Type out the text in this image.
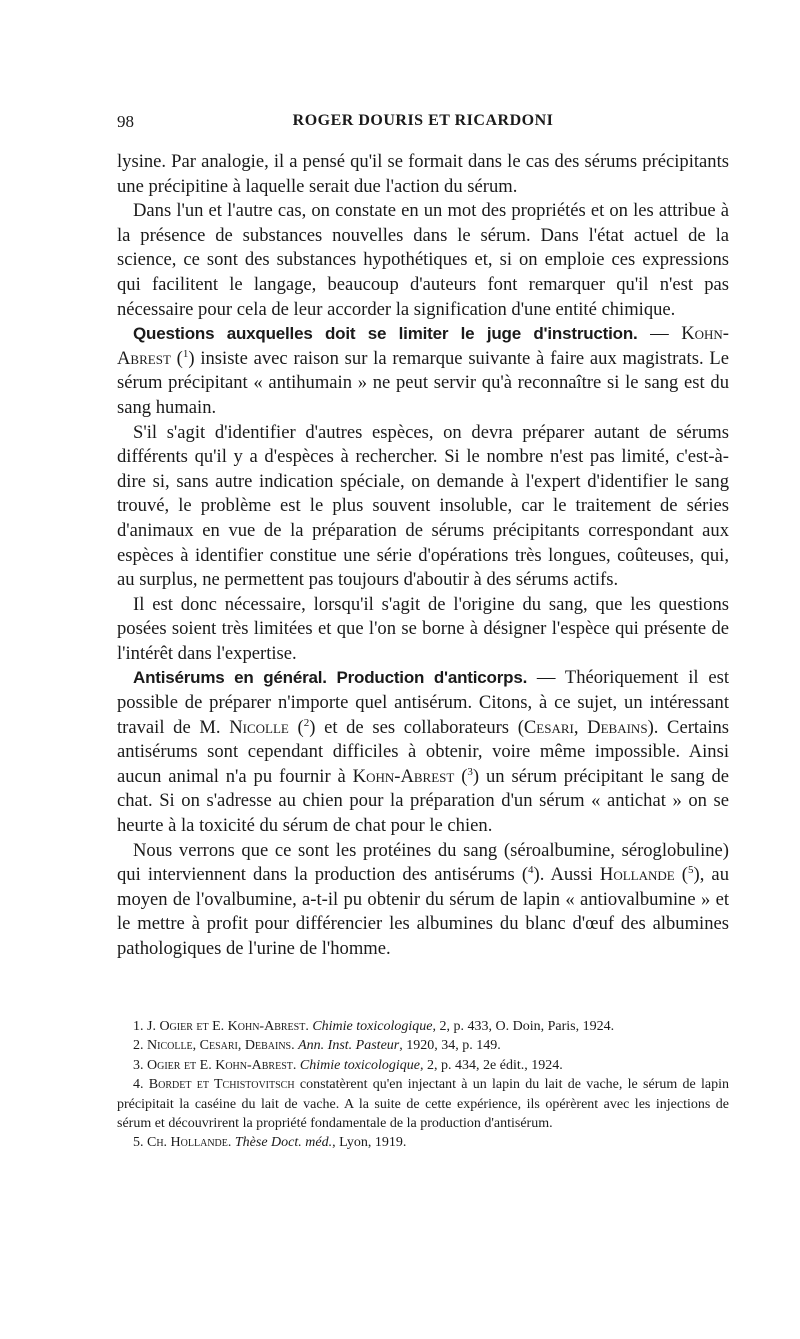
98	ROGER DOURIS ET RICARDONI

lysine. Par analogie, il a pensé qu'il se formait dans le cas des sérums précipitants une précipitine à laquelle serait due l'action du sérum.

Dans l'un et l'autre cas, on constate en un mot des propriétés et on les attribue à la présence de substances nouvelles dans le sérum. Dans l'état actuel de la science, ce sont des substances hypothétiques et, si on emploie ces expressions qui facilitent le langage, beaucoup d'auteurs font remarquer qu'il n'est pas nécessaire pour cela de leur accorder la signification d'une entité chimique.

Questions auxquelles doit se limiter le juge d'instruction. — Kohn-Abrest ($^1$) insiste avec raison sur la remarque suivante à faire aux magistrats. Le sérum précipitant « antihumain » ne peut servir qu'à reconnaître si le sang est du sang humain.

S'il s'agit d'identifier d'autres espèces, on devra préparer autant de sérums différents qu'il y a d'espèces à rechercher. Si le nombre n'est pas limité, c'est-à-dire si, sans autre indication spéciale, on demande à l'expert d'identifier le sang trouvé, le problème est le plus souvent insoluble, car le traitement de séries d'animaux en vue de la préparation de sérums précipitants correspondant aux espèces à identifier constitue une série d'opérations très longues, coûteuses, qui, au surplus, ne permettent pas toujours d'aboutir à des sérums actifs.

Il est donc nécessaire, lorsqu'il s'agit de l'origine du sang, que les questions posées soient très limitées et que l'on se borne à désigner l'espèce qui présente de l'intérêt dans l'expertise.

Antisérums en général. Production d'anticorps. — Théoriquement il est possible de préparer n'importe quel antisérum. Citons, à ce sujet, un intéressant travail de M. Nicolle ($^2$) et de ses collaborateurs (Cesari, Debains). Certains antisérums sont cependant difficiles à obtenir, voire même impossible. Ainsi aucun animal n'a pu fournir à Kohn-Abrest ($^3$) un sérum précipitant le sang de chat. Si on s'adresse au chien pour la préparation d'un sérum « antichat » on se heurte à la toxicité du sérum de chat pour le chien.

Nous verrons que ce sont les protéines du sang (séroalbumine, séroglobuline) qui interviennent dans la production des antisérums ($^4$). Aussi Hollande ($^5$), au moyen de l'ovalbumine, a-t-il pu obtenir du sérum de lapin « antiovalbumine » et le mettre à profit pour différencier les albumines du blanc d'œuf des albumines pathologiques de l'urine de l'homme.

1. J. Ogier et E. Kohn-Abrest. Chimie toxicologique, 2, p. 433, O. Doin, Paris, 1924.

2. Nicolle, Cesari, Debains. Ann. Inst. Pasteur, 1920, 34, p. 149.

3. Ogier et E. Kohn-Abrest. Chimie toxicologique, 2, p. 434, 2e édit., 1924.

4. Bordet et Tchistovitsch constatèrent qu'en injectant à un lapin du lait de vache, le sérum de lapin précipitait la caséine du lait de vache. A la suite de cette expérience, ils opérèrent avec les injections de sérum et découvrirent la propriété fondamentale de la production d'antisérum.

5. Ch. Hollande. Thèse Doct. méd., Lyon, 1919.
